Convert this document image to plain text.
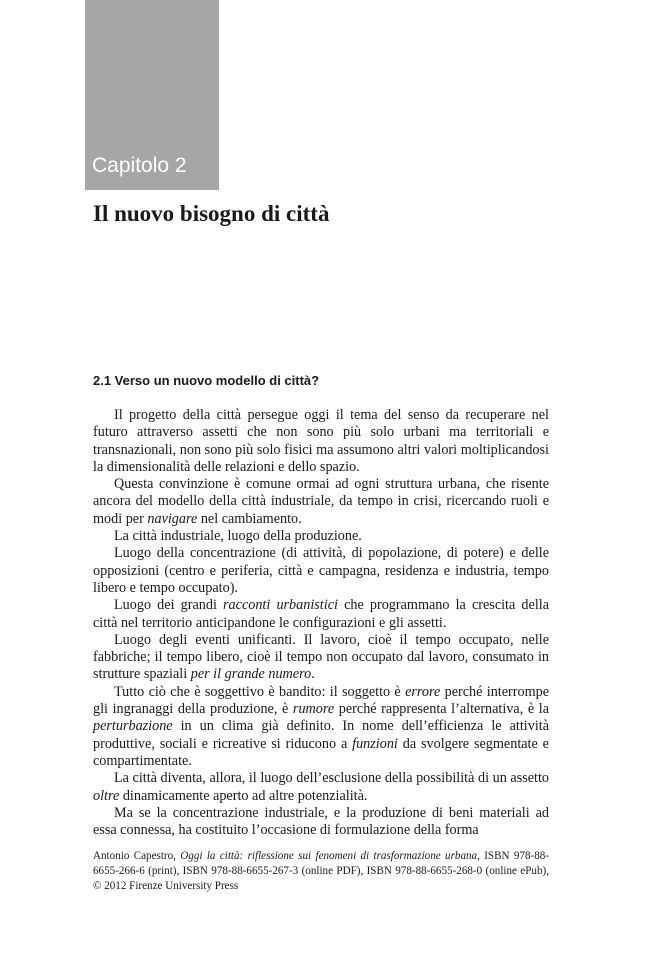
Capitolo 2
Il nuovo bisogno di città
2.1 Verso un nuovo modello di città?

Il progetto della città persegue oggi il tema del senso da recuperare nel futuro attraverso assetti che non sono più solo urbani ma territoriali e transnazionali, non sono più solo fisici ma assumono altri valori moltiplicandosi la dimensionalità delle relazioni e dello spazio.

Questa convinzione è comune ormai ad ogni struttura urbana, che risente ancora del modello della città industriale, da tempo in crisi, ricercando ruoli e modi per navigare nel cambiamento.

La città industriale, luogo della produzione.

Luogo della concentrazione (di attività, di popolazione, di potere) e delle opposizioni (centro e periferia, città e campagna, residenza e industria, tempo libero e tempo occupato).

Luogo dei grandi racconti urbanistici che programmano la crescita della città nel territorio anticipandone le configurazioni e gli assetti.

Luogo degli eventi unificanti. Il lavoro, cioè il tempo occupato, nelle fabbriche; il tempo libero, cioè il tempo non occupato dal lavoro, consumato in strutture spaziali per il grande numero.

Tutto ciò che è soggettivo è bandito: il soggetto è errore perché interrompe gli ingranaggi della produzione, è rumore perché rappresenta l’alternativa, è la perturbazione in un clima già definito. In nome dell’efficienza le attività produttive, sociali e ricreative si riducono a funzioni da svolgere segmentate e compartimentate.

La città diventa, allora, il luogo dell’esclusione della possibilità di un assetto oltre dinamicamente aperto ad altre potenzialità.

Ma se la concentrazione industriale, e la produzione di beni materiali ad essa connessa, ha costituito l’occasione di formulazione della forma

Antonio Capestro, Oggi la città: riflessione sui fenomeni di trasformazione urbana, ISBN 978-88-6655-266-6 (print), ISBN 978-88-6655-267-3 (online PDF), ISBN 978-88-6655-268-0 (online ePub), © 2012 Firenze University Press
